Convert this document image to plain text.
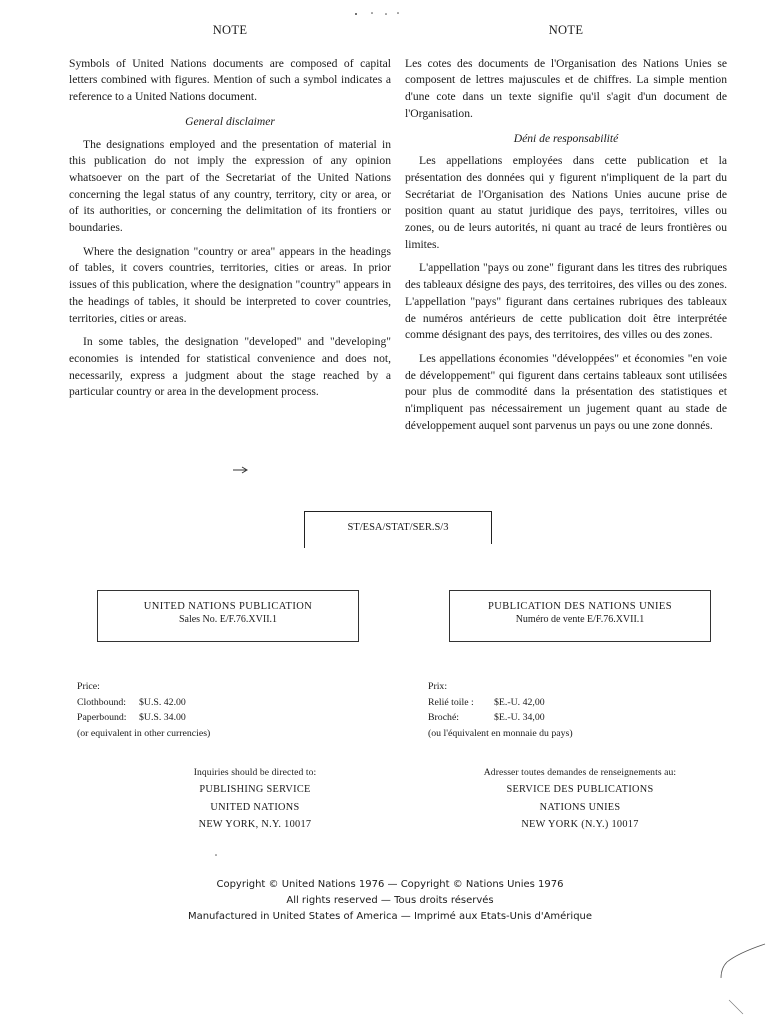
NOTE

Symbols of United Nations documents are composed of capital letters combined with figures. Mention of such a symbol indicates a reference to a United Nations document.

General disclaimer

The designations employed and the presentation of material in this publication do not imply the expression of any opinion whatsoever on the part of the Secretariat of the United Nations concerning the legal status of any country, territory, city or area, or of its authorities, or concerning the delimitation of its frontiers or boundaries.

Where the designation "country or area" appears in the headings of tables, it covers countries, territories, cities or areas. In prior issues of this publication, where the designation "country" appears in the headings of tables, it should be interpreted to cover countries, territories, cities or areas.

In some tables, the designation "developed" and "developing" economies is intended for statistical convenience and does not, necessarily, express a judgment about the stage reached by a particular country or area in the development process.

NOTE

Les cotes des documents de l'Organisation des Nations Unies se composent de lettres majuscules et de chiffres. La simple mention d'une cote dans un texte signifie qu'il s'agit d'un document de l'Organisation.

Déni de responsabilité

Les appellations employées dans cette publication et la présentation des données qui y figurent n'impliquent de la part du Secrétariat de l'Organisation des Nations Unies aucune prise de position quant au statut juridique des pays, territoires, villes ou zones, ou de leurs autorités, ni quant au tracé de leurs frontières ou limites.

L'appellation "pays ou zone" figurant dans les titres des rubriques des tableaux désigne des pays, des territoires, des villes ou des zones. L'appellation "pays" figurant dans certaines rubriques des tableaux de numéros antérieurs de cette publication doit être interprétée comme désignant des pays, des territoires, des villes ou des zones.

Les appellations économies "développées" et économies "en voie de développement" qui figurent dans certains tableaux sont utilisées pour plus de commodité dans la présentation des statistiques et n'impliquent pas nécessairement un jugement quant au stade de développement auquel sont parvenus un pays ou une zone donnés.

ST/ESA/STAT/SER.S/3
UNITED NATIONS PUBLICATION
Sales No. E/F.76.XVII.1
PUBLICATION DES NATIONS UNIES
Numéro de vente E/F.76.XVII.1
Price:
Clothbound: $U.S. 42.00
Paperbound: $U.S. 34.00
(or equivalent in other currencies)
Prix:
Relié toile : $E.-U. 42,00
Broché:	$E.-U. 34,00
(ou l'équivalent en monnaie du pays)
Inquiries should be directed to:
PUBLISHING SERVICE
UNITED NATIONS
NEW YORK, N.Y. 10017
Adresser toutes demandes de renseignements au:
SERVICE DES PUBLICATIONS
NATIONS UNIES
NEW YORK (N.Y.) 10017
Copyright © United Nations 1976 — Copyright © Nations Unies 1976
All rights reserved — Tous droits réservés
Manufactured in United States of America — Imprimé aux Etats-Unis d'Amérique
